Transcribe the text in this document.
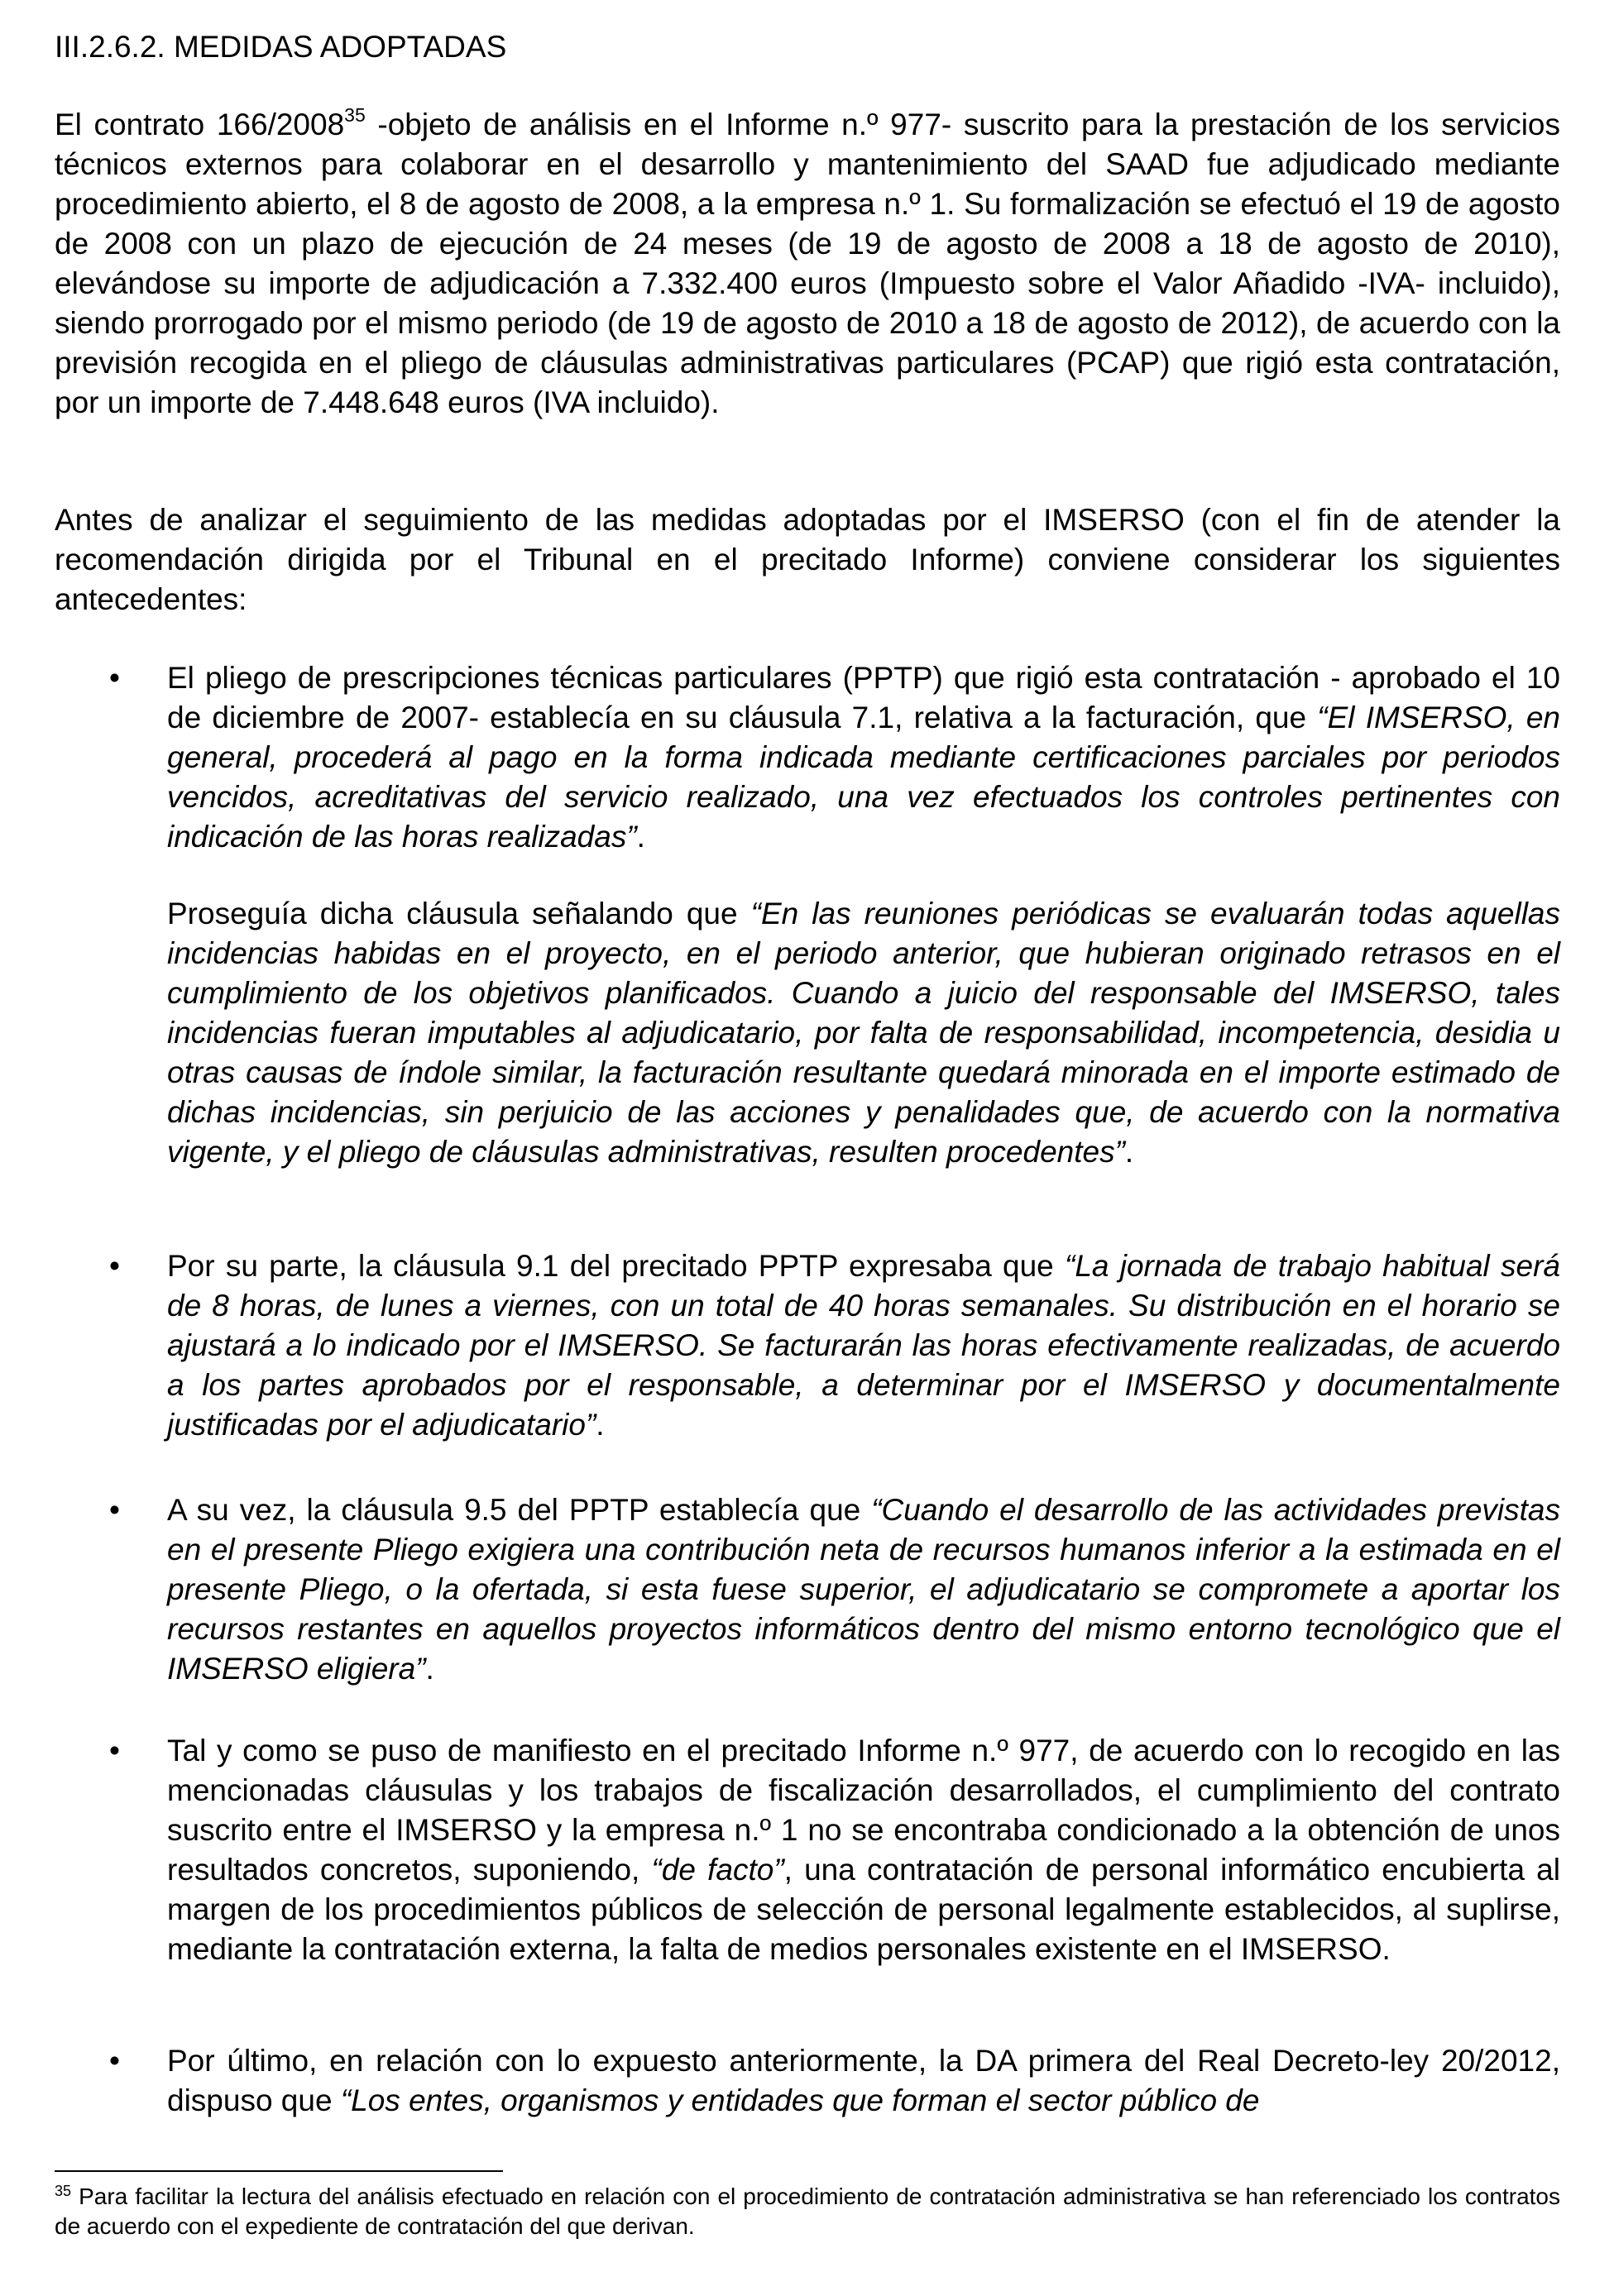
III.2.6.2. MEDIDAS ADOPTADAS

El contrato 166/2008$^{35}$ -objeto de análisis en el Informe n.º 977- suscrito para la prestación de los servicios técnicos externos para colaborar en el desarrollo y mantenimiento del SAAD fue adjudicado mediante procedimiento abierto, el 8 de agosto de 2008, a la empresa n.º 1. Su formalización se efectuó el 19 de agosto de 2008 con un plazo de ejecución de 24 meses (de 19 de agosto de 2008 a 18 de agosto de 2010), elevándose su importe de adjudicación a 7.332.400 euros (Impuesto sobre el Valor Añadido -IVA- incluido), siendo prorrogado por el mismo periodo (de 19 de agosto de 2010 a 18 de agosto de 2012), de acuerdo con la previsión recogida en el pliego de cláusulas administrativas particulares (PCAP) que rigió esta contratación, por un importe de 7.448.648 euros (IVA incluido).

Antes de analizar el seguimiento de las medidas adoptadas por el IMSERSO (con el fin de atender la recomendación dirigida por el Tribunal en el precitado Informe) conviene considerar los siguientes antecedentes:

• El pliego de prescripciones técnicas particulares (PPTP) que rigió esta contratación - aprobado el 10 de diciembre de 2007- establecía en su cláusula 7.1, relativa a la facturación, que “El IMSERSO, en general, procederá al pago en la forma indicada mediante certificaciones parciales por periodos vencidos, acreditativas del servicio realizado, una vez efectuados los controles pertinentes con indicación de las horas realizadas”.

Proseguía dicha cláusula señalando que “En las reuniones periódicas se evaluarán todas aquellas incidencias habidas en el proyecto, en el periodo anterior, que hubieran originado retrasos en el cumplimiento de los objetivos planificados. Cuando a juicio del responsable del IMSERSO, tales incidencias fueran imputables al adjudicatario, por falta de responsabilidad, incompetencia, desidia u otras causas de índole similar, la facturación resultante quedará minorada en el importe estimado de dichas incidencias, sin perjuicio de las acciones y penalidades que, de acuerdo con la normativa vigente, y el pliego de cláusulas administrativas, resulten procedentes”.

• Por su parte, la cláusula 9.1 del precitado PPTP expresaba que “La jornada de trabajo habitual será de 8 horas, de lunes a viernes, con un total de 40 horas semanales. Su distribución en el horario se ajustará a lo indicado por el IMSERSO. Se facturarán las horas efectivamente realizadas, de acuerdo a los partes aprobados por el responsable, a determinar por el IMSERSO y documentalmente justificadas por el adjudicatario”.

• A su vez, la cláusula 9.5 del PPTP establecía que “Cuando el desarrollo de las actividades previstas en el presente Pliego exigiera una contribución neta de recursos humanos inferior a la estimada en el presente Pliego, o la ofertada, si esta fuese superior, el adjudicatario se compromete a aportar los recursos restantes en aquellos proyectos informáticos dentro del mismo entorno tecnológico que el IMSERSO eligiera”.

• Tal y como se puso de manifiesto en el precitado Informe n.º 977, de acuerdo con lo recogido en las mencionadas cláusulas y los trabajos de fiscalización desarrollados, el cumplimiento del contrato suscrito entre el IMSERSO y la empresa n.º 1 no se encontraba condicionado a la obtención de unos resultados concretos, suponiendo, “de facto”, una contratación de personal informático encubierta al margen de los procedimientos públicos de selección de personal legalmente establecidos, al suplirse, mediante la contratación externa, la falta de medios personales existente en el IMSERSO.

• Por último, en relación con lo expuesto anteriormente, la DA primera del Real Decreto-ley 20/2012, dispuso que “Los entes, organismos y entidades que forman el sector público de

$^{35}$ Para facilitar la lectura del análisis efectuado en relación con el procedimiento de contratación administrativa se han referenciado los contratos de acuerdo con el expediente de contratación del que derivan.
